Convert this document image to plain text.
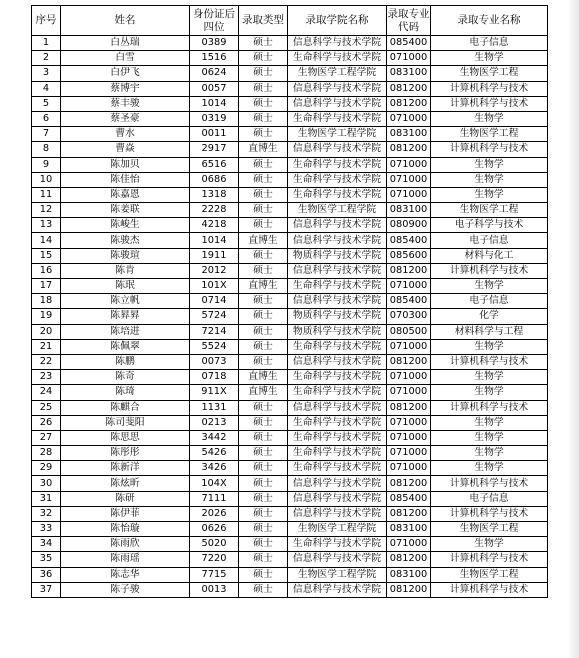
序号	姓名	身份证后四位	录取类型	录取学院名称	录取专业代码	录取专业名称
1	白丛瑞	0389	硕士	信息科学与技术学院	085400	电子信息
2	白雪	1516	硕士	生命科学与技术学院	071000	生物学
3	白伊飞	0624	硕士	生物医学工程学院	083100	生物医学工程
4	蔡博宇	0057	硕士	信息科学与技术学院	081200	计算机科学与技术
5	蔡丰骏	1014	硕士	信息科学与技术学院	081200	计算机科学与技术
6	蔡圣豪	0319	硕士	生命科学与技术学院	071000	生物学
7	曹水	0011	硕士	生物医学工程学院	083100	生物医学工程
8	曹焱	2917	直博生	信息科学与技术学院	081200	计算机科学与技术
9	陈加贝	6516	硕士	生命科学与技术学院	071000	生物学
10	陈佳怡	0686	硕士	生命科学与技术学院	071000	生物学
11	陈嘉恩	1318	硕士	生命科学与技术学院	071000	生物学
12	陈姜联	2228	硕士	生物医学工程学院	083100	生物医学工程
13	陈峻生	4218	硕士	信息科学与技术学院	080900	电子科学与技术
14	陈骏杰	1014	直博生	信息科学与技术学院	085400	电子信息
15	陈骏瑄	1911	硕士	物质科学与技术学院	085600	材料与化工
16	陈肯	2012	硕士	信息科学与技术学院	081200	计算机科学与技术
17	陈珉	101X	直博生	生命科学与技术学院	071000	生物学
18	陈立帆	0714	硕士	信息科学与技术学院	085400	电子信息
19	陈昪昪	5724	硕士	物质科学与技术学院	070300	化学
20	陈培进	7214	硕士	物质科学与技术学院	080500	材料科学与工程
21	陈佩翠	5524	硕士	生命科学与技术学院	071000	生物学
22	陈鹏	0073	硕士	信息科学与技术学院	081200	计算机科学与技术
23	陈奇	0718	直博生	生命科学与技术学院	071000	生物学
24	陈琦	911X	直博生	生命科学与技术学院	071000	生物学
25	陈麒合	1131	硕士	信息科学与技术学院	081200	计算机科学与技术
26	陈司斐阳	0213	硕士	生命科学与技术学院	071000	生物学
27	陈思思	3442	硕士	生命科学与技术学院	071000	生物学
28	陈彤彤	5426	硕士	生命科学与技术学院	071000	生物学
29	陈新洋	3426	硕士	生命科学与技术学院	071000	生物学
30	陈炫昕	104X	硕士	信息科学与技术学院	081200	计算机科学与技术
31	陈研	7111	硕士	信息科学与技术学院	085400	电子信息
32	陈伊菲	2026	硕士	信息科学与技术学院	081200	计算机科学与技术
33	陈怡璇	0626	硕士	生物医学工程学院	083100	生物医学工程
34	陈雨欣	5020	硕士	生命科学与技术学院	071000	生物学
35	陈雨瑶	7220	硕士	信息科学与技术学院	081200	计算机科学与技术
36	陈志华	7715	硕士	生物医学工程学院	083100	生物医学工程
37	陈子骏	0013	硕士	信息科学与技术学院	081200	计算机科学与技术
